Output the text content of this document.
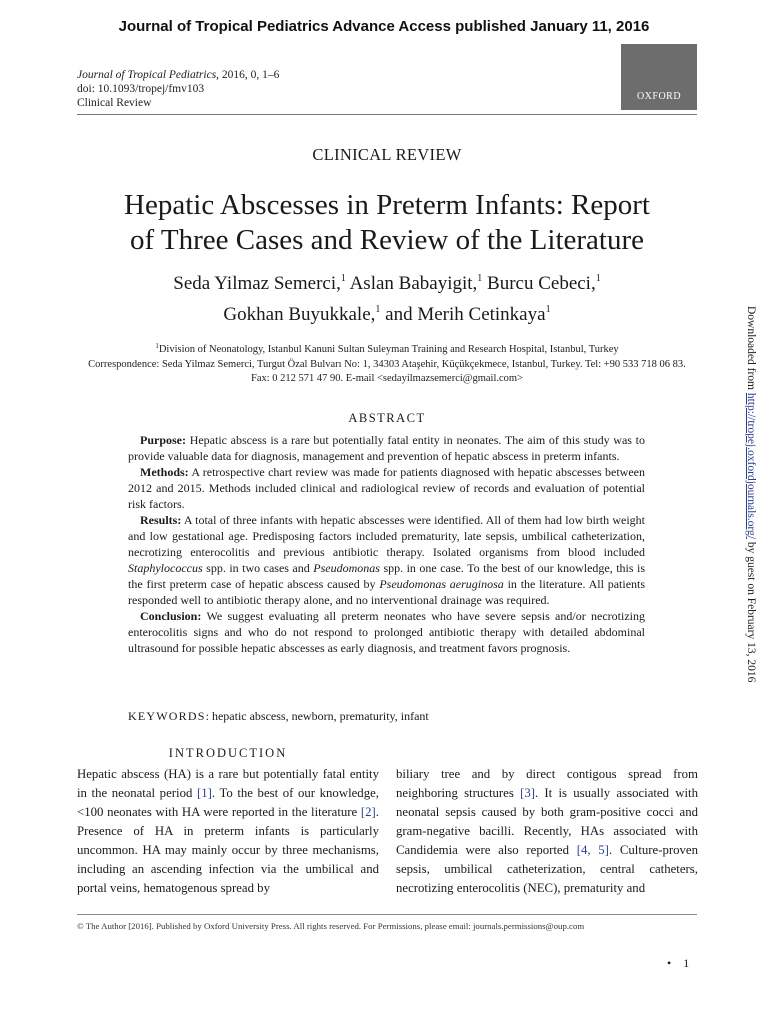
Journal of Tropical Pediatrics Advance Access published January 11, 2016
Journal of Tropical Pediatrics, 2016, 0, 1–6
doi: 10.1093/tropej/fmv103
Clinical Review
OXFORD
CLINICAL REVIEW
Hepatic Abscesses in Preterm Infants: Report
of Three Cases and Review of the Literature
Seda Yilmaz Semerci,$^1$ Aslan Babayigit,$^1$ Burcu Cebeci,$^1$
Gokhan Buyukkale,$^1$ and Merih Cetinkaya$^1$
$^1$Division of Neonatology, Istanbul Kanuni Sultan Suleyman Training and Research Hospital, Istanbul, Turkey
Correspondence: Seda Yilmaz Semerci, Turgut Özal Bulvarı No: 1, 34303 Ataşehir, Küçükçekmece, Istanbul, Turkey. Tel: +90 533 718 06 83.
Fax: 0 212 571 47 90. E-mail <sedayilmazsemerci@gmail.com>
ABSTRACT

Purpose: Hepatic abscess is a rare but potentially fatal entity in neonates. The aim of this study was to provide valuable data for diagnosis, management and prevention of hepatic abscess in preterm infants.

Methods: A retrospective chart review was made for patients diagnosed with hepatic abscesses between 2012 and 2015. Methods included clinical and radiological review of records and evaluation of potential risk factors.

Results: A total of three infants with hepatic abscesses were identified. All of them had low birth weight and low gestational age. Predisposing factors included prematurity, late sepsis, umbilical catheterization, necrotizing enterocolitis and previous antibiotic therapy. Isolated organisms from blood included Staphylococcus spp. in two cases and Pseudomonas spp. in one case. To the best of our knowledge, this is the first preterm case of hepatic abscess caused by Pseudomonas aeruginosa in the literature. All patients responded well to antibiotic therapy alone, and no interventional drainage was required.

Conclusion: We suggest evaluating all preterm neonates who have severe sepsis and/or necrotizing enterocolitis signs and who do not respond to prolonged antibiotic therapy with detailed abdominal ultrasound for possible hepatic abscesses as early diagnosis, and treatment favors prognosis.

KEYWORDS: hepatic abscess, newborn, prematurity, infant
INTRODUCTION
Hepatic abscess (HA) is a rare but potentially fatal entity in the neonatal period [1]. To the best of our knowledge, <100 neonates with HA were reported in the literature [2]. Presence of HA in preterm infants is particularly uncommon. HA may mainly occur by three mechanisms, including an ascending infection via the umbilical and portal veins, hematogenous spread by
biliary tree and by direct contigous spread from neighboring structures [3]. It is usually associated with neonatal sepsis caused by both gram-positive cocci and gram-negative bacilli. Recently, HAs associated with Candidemia were also reported [4, 5]. Culture-proven sepsis, umbilical catheterization, central catheters, necrotizing enterocolitis (NEC), prematurity and
© The Author [2016]. Published by Oxford University Press. All rights reserved. For Permissions, please email: journals.permissions@oup.com
• 1
Downloaded from http://tropej.oxfordjournals.org/ by guest on February 13, 2016
